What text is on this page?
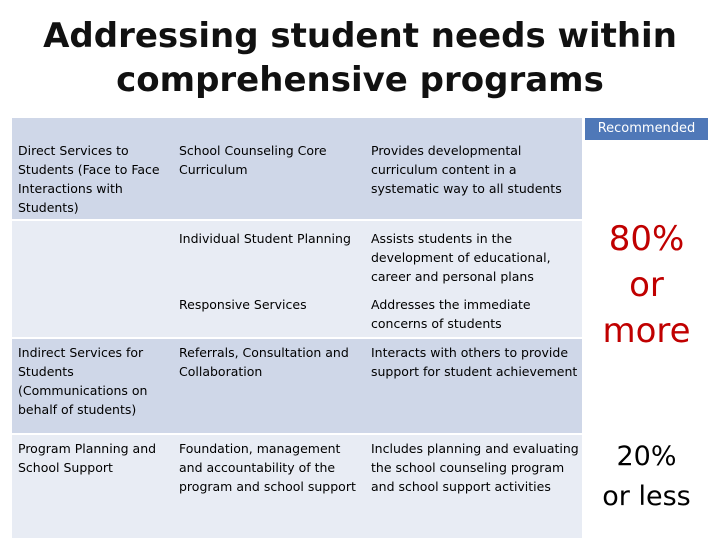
Addressing student needs within comprehensive programs
Recommended
Direct Services to Students (Face to Face Interactions with Students)
School Counseling Core Curriculum
Provides developmental curriculum content in a systematic way to all students
Individual Student Planning	Assists students in the development of educational, career and personal plans
Responsive Services	Addresses the immediate concerns of students
Indirect Services for Students (Communications on behalf of students)
Referrals, Consultation and Collaboration
Interacts with others to provide support for student achievement
Program Planning and School Support
Foundation, management and accountability of the program and school support
Includes planning and evaluating the school counseling program and school support activities
80%
or more
20%
or less
